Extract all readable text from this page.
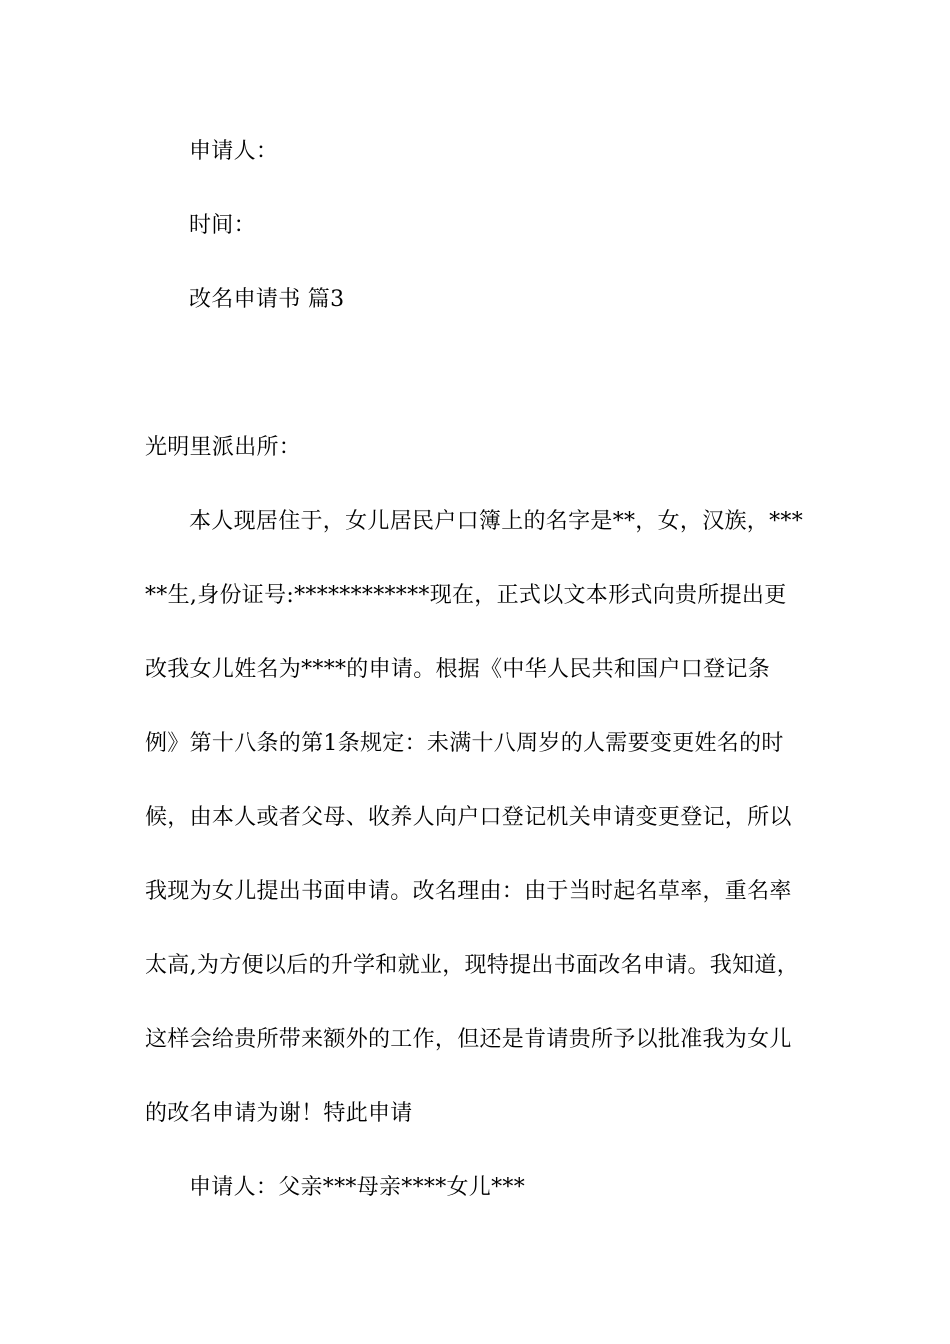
申请人：
时间：
改名申请书 篇3
光明里派出所：
本人现居住于，女儿居民户口簿上的名字是**，女，汉族，***
**生,身份证号:************现在，正式以文本形式向贵所提出更
改我女儿姓名为****的申请。根据《中华人民共和国户口登记条
例》第十八条的第1条规定：未满十八周岁的人需要变更姓名的时
候，由本人或者父母、收养人向户口登记机关申请变更登记，所以
我现为女儿提出书面申请。改名理由：由于当时起名草率，重名率
太高,为方便以后的升学和就业，现特提出书面改名申请。我知道，
这样会给贵所带来额外的工作，但还是肯请贵所予以批准我为女儿
的改名申请为谢！特此申请
申请人：父亲***母亲****女儿***
